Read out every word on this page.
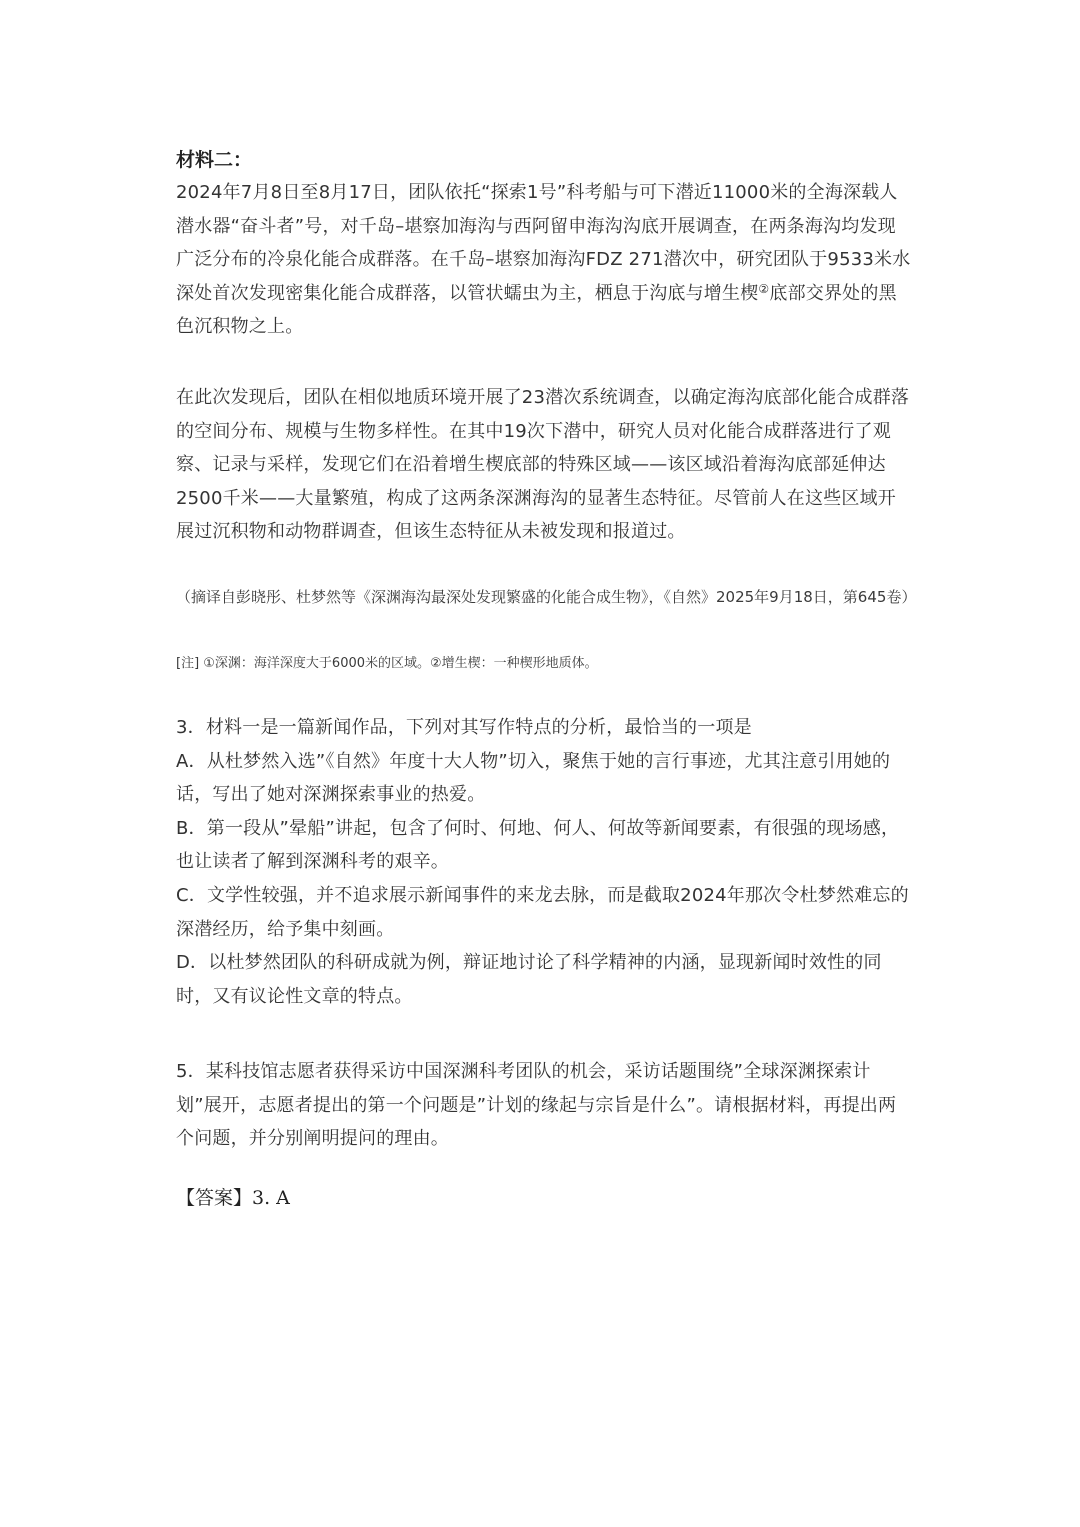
材料二：

2024年7月8日至8月17日，团队依托“探索1号”科考船与可下潜近11000米的全海深载人潜水器“奋斗者”号，对千岛–堪察加海沟与西阿留申海沟沟底开展调查，在两条海沟均发现广泛分布的冷泉化能合成群落。在千岛–堪察加海沟FDZ 271潜次中，研究团队于9533米水深处首次发现密集化能合成群落，以管状蠕虫为主，栖息于沟底与增生楔②底部交界处的黑色沉积物之上。

在此次发现后，团队在相似地质环境开展了23潜次系统调查，以确定海沟底部化能合成群落的空间分布、规模与生物多样性。在其中19次下潜中，研究人员对化能合成群落进行了观察、记录与采样，发现它们在沿着增生楔底部的特殊区域——该区域沿着海沟底部延伸达2500千米——大量繁殖，构成了这两条深渊海沟的显著生态特征。尽管前人在这些区域开展过沉积物和动物群调查，但该生态特征从未被发现和报道过。

（摘译自彭晓彤、杜梦然等《深渊海沟最深处发现繁盛的化能合成生物》，《自然》2025年9月18日，第645卷）

[注] ①深渊：海洋深度大于6000米的区域。②增生楔：一种楔形地质体。

3．材料一是一篇新闻作品，下列对其写作特点的分析，最恰当的一项是
A．从杜梦然入选”《自然》年度十大人物”切入，聚焦于她的言行事迹，尤其注意引用她的话，写出了她对深渊探索事业的热爱。
B．第一段从”晕船”讲起，包含了何时、何地、何人、何故等新闻要素，有很强的现场感，也让读者了解到深渊科考的艰辛。
C．文学性较强，并不追求展示新闻事件的来龙去脉，而是截取2024年那次令杜梦然难忘的深潜经历，给予集中刻画。
D．以杜梦然团队的科研成就为例，辩证地讨论了科学精神的内涵，显现新闻时效性的同时，又有议论性文章的特点。

5．某科技馆志愿者获得采访中国深渊科考团队的机会，采访话题围绕”全球深渊探索计划”展开，志愿者提出的第一个问题是”计划的缘起与宗旨是什么”。请根据材料，再提出两个问题，并分别阐明提问的理由。

【答案】3. A
